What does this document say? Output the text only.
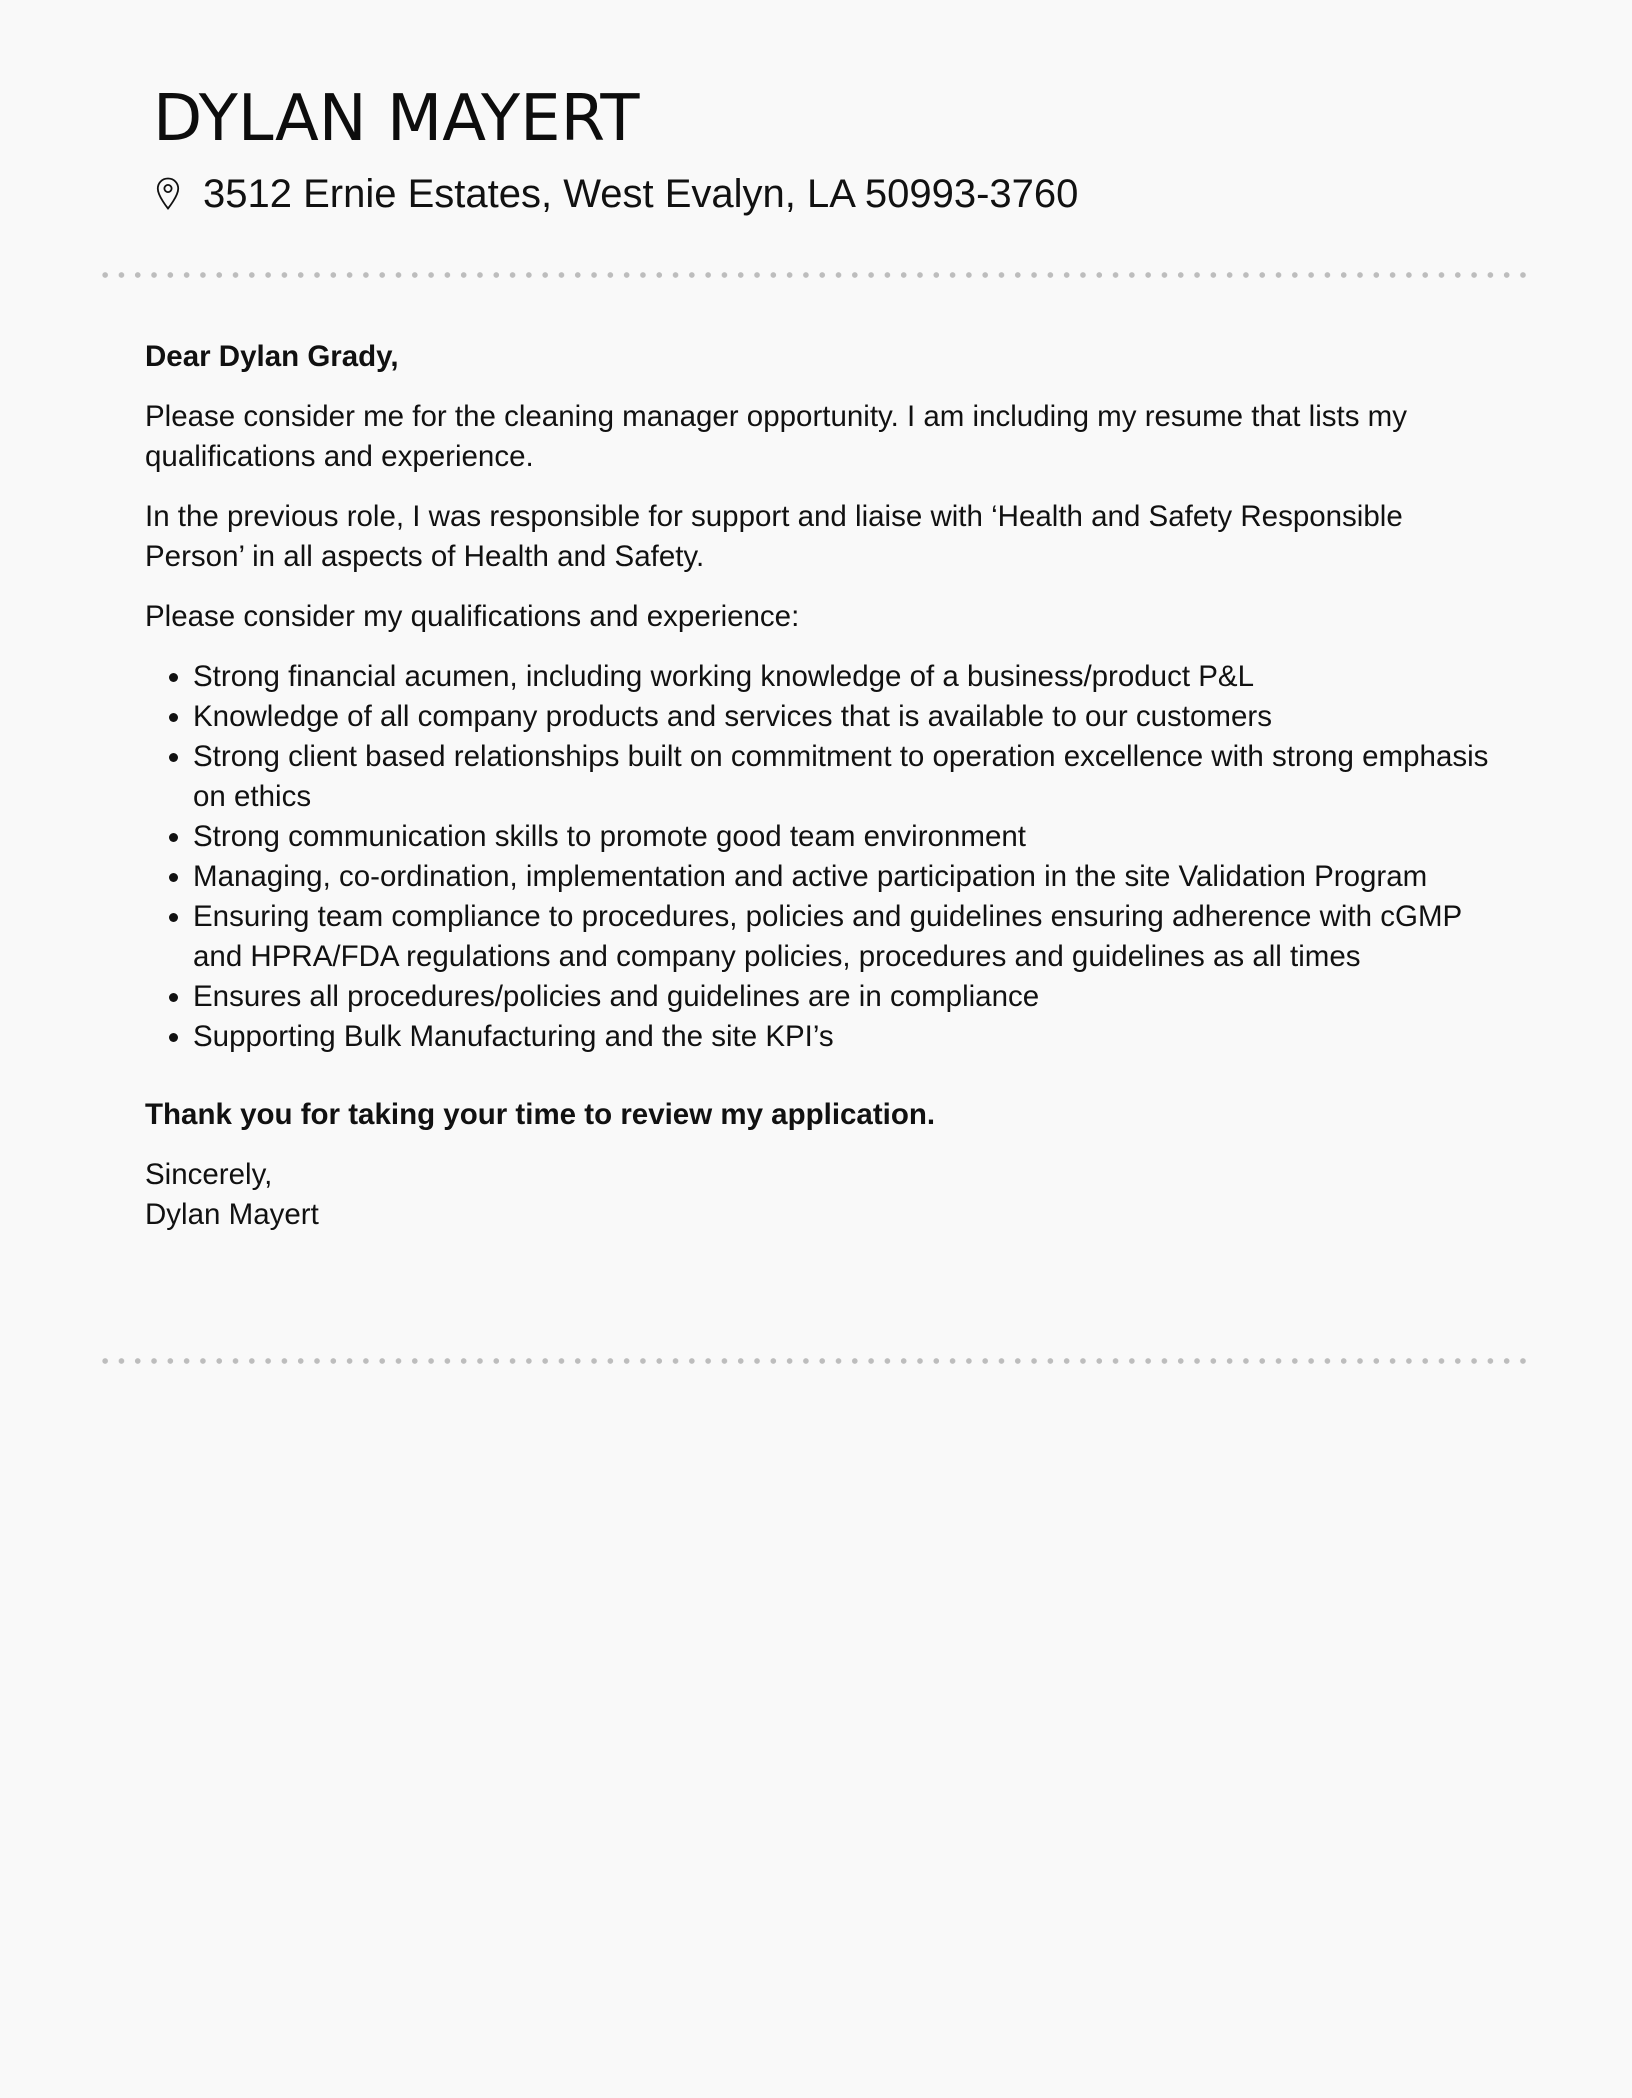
DYLAN MAYERT
3512 Ernie Estates, West Evalyn, LA 50993-3760

Dear Dylan Grady,

Please consider me for the cleaning manager opportunity. I am including my resume that lists my qualifications and experience.

In the previous role, I was responsible for support and liaise with ‘Health and Safety Responsible Person’ in all aspects of Health and Safety.

Please consider my qualifications and experience:

• Strong financial acumen, including working knowledge of a business/product P&L
• Knowledge of all company products and services that is available to our customers
• Strong client based relationships built on commitment to operation excellence with strong emphasis on ethics
• Strong communication skills to promote good team environment
• Managing, co-ordination, implementation and active participation in the site Validation Program
• Ensuring team compliance to procedures, policies and guidelines ensuring adherence with cGMP and HPRA/FDA regulations and company policies, procedures and guidelines as all times
• Ensures all procedures/policies and guidelines are in compliance
• Supporting Bulk Manufacturing and the site KPI’s

Thank you for taking your time to review my application.

Sincerely,

Dylan Mayert
